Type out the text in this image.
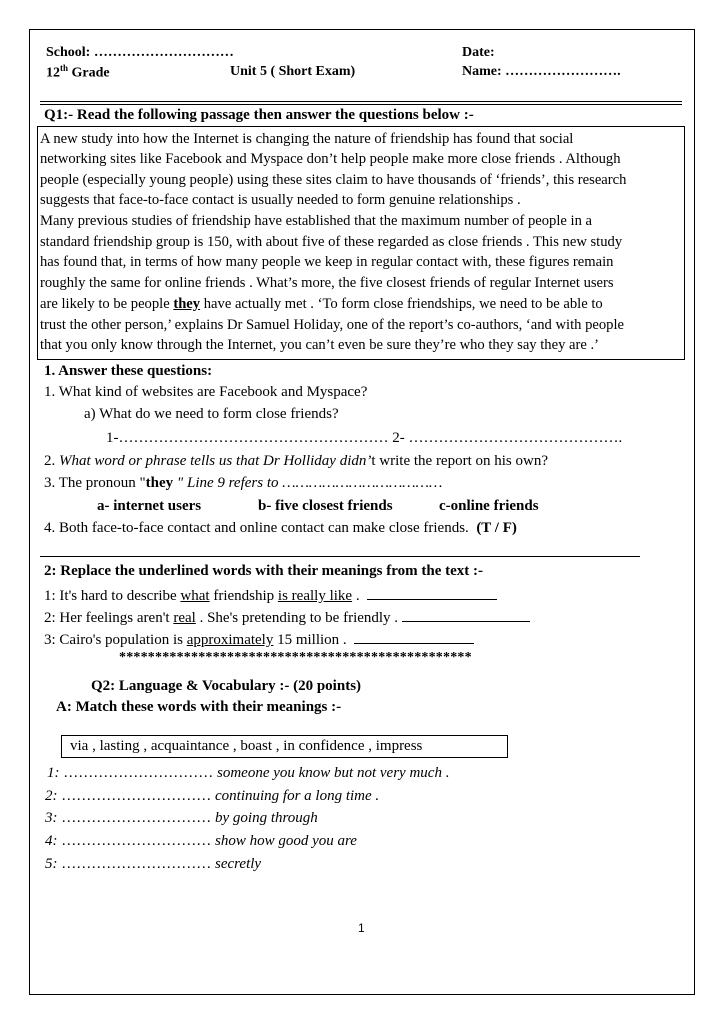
School: …………………………	Date:
12th Grade	Unit 5 ( Short Exam)	Name: …………………….
Q1:- Read the following passage then answer the questions below :-
A new study into how the Internet is changing the nature of friendship has found that social
networking sites like Facebook and Myspace don’t help people make more close friends . Although
people (especially young people) using these sites claim to have thousands of ‘friends’, this research
suggests that face-to-face contact is usually needed to form genuine relationships .
Many previous studies of friendship have established that the maximum number of people in a
standard friendship group is 150, with about five of these regarded as close friends . This new study
has found that, in terms of how many people we keep in regular contact with, these figures remain
roughly the same for online friends . What’s more, the five closest friends of regular Internet users
are likely to be people they have actually met . ‘To form close friendships, we need to be able to
trust the other person,’ explains Dr Samuel Holiday, one of the report’s co-authors, ‘and with people
that you only know through the Internet, you can’t even be sure they’re who they say they are .’
1. Answer these questions:
1. What kind of websites are Facebook and Myspace?
a) What do we need to form close friends?
1-……………………………………………… 2- …………………………………….
2. What word or phrase tells us that Dr Holliday didn’t write the report on his own?
3. The pronoun "they " Line 9 refers to ………………………………
a- internet users	b- five closest friends	c-online friends
4. Both face-to-face contact and online contact can make close friends. (T / F)
2: Replace the underlined words with their meanings from the text :-
1: It's hard to describe what friendship is really like .
2: Her feelings aren't real . She's pretending to be friendly .
3: Cairo's population is approximately 15 million .
*************************************************
Q2: Language & Vocabulary :- (20 points)
A: Match these words with their meanings :-
via , lasting , acquaintance , boast , in confidence , impress
1: ………………………… someone you know but not very much .
2: ………………………… continuing for a long time .
3: ………………………… by going through
4: ………………………… show how good you are
5: ………………………… secretly
1
